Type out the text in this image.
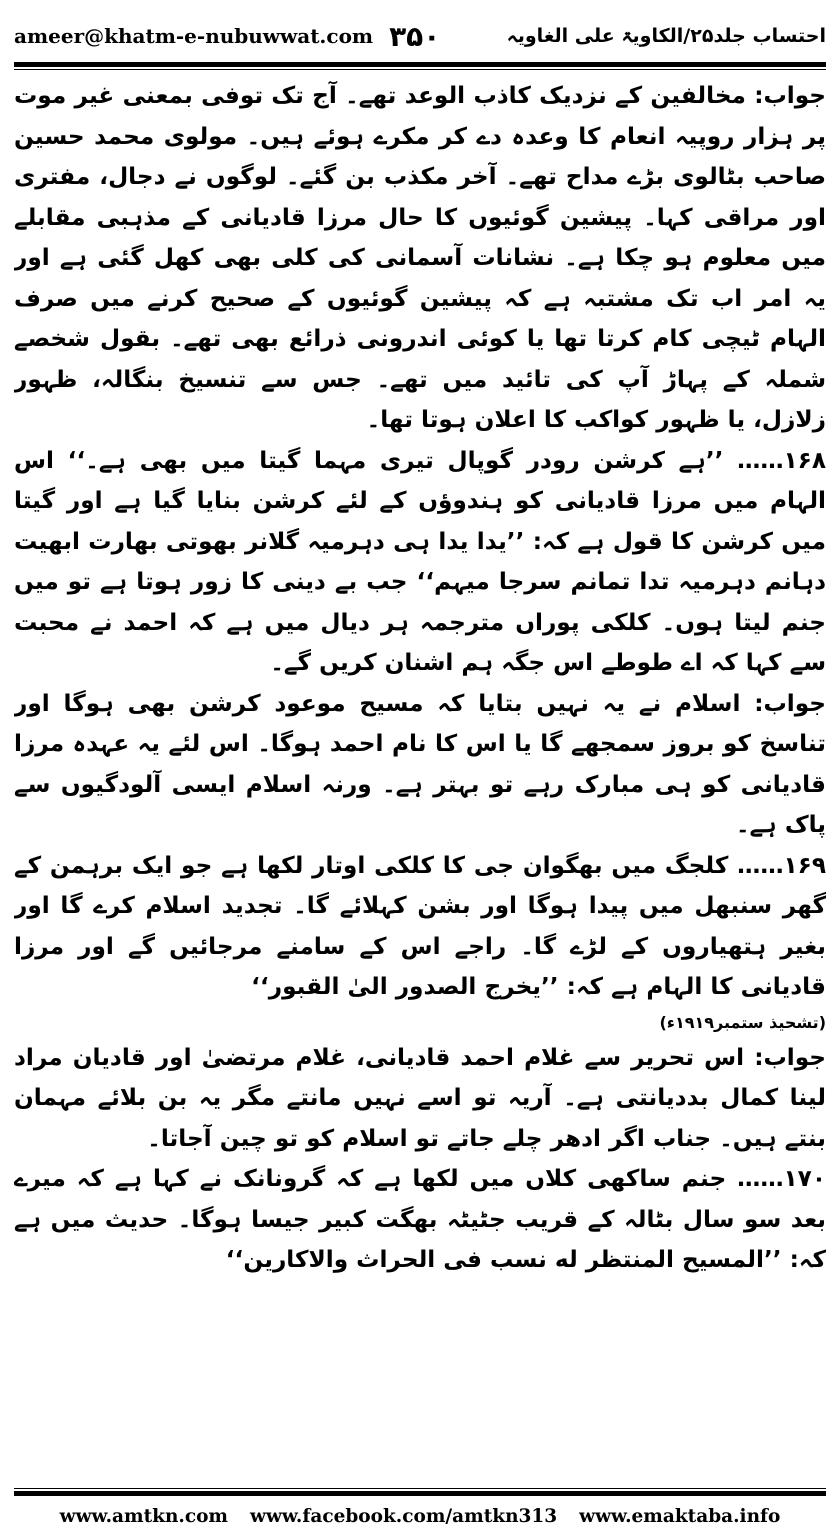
ameer@khatm-e-nubuwwat.com ۳۵۰	احتساب جلد۲۵/الکاویۃ علی الغاویہ

جواب: مخالفین کے نزدیک کاذب الوعد تھے۔ آج تک توفی بمعنی غیر موت پر ہزار روپیہ انعام کا وعدہ دے کر مکرے ہوئے ہیں۔ مولوی محمد حسین صاحب بٹالوی بڑے مداح تھے۔ آخر مکذب بن گئے۔ لوگوں نے دجال، مفتری اور مراقی کہا۔ پیشین گوئیوں کا حال مرزا قادیانی کے مذہبی مقابلے میں معلوم ہو چکا ہے۔ نشانات آسمانی کی کلی بھی کھل گئی ہے اور یہ امر اب تک مشتبہ ہے کہ پیشین گوئیوں کے صحیح کرنے میں صرف الہام ٹیچی کام کرتا تھا یا کوئی اندرونی ذرائع بھی تھے۔ بقول شخصے شملہ کے پہاڑ آپ کی تائید میں تھے۔ جس سے تنسیخ بنگالہ، ظہور زلازل، یا ظہور کواکب کا اعلان ہوتا تھا۔

۱۶۸…… ’’ہے کرشن رودر گوپال تیری مہما گیتا میں بھی ہے۔‘‘ اس الہام میں مرزا قادیانی کو ہندوؤں کے لئے کرشن بنایا گیا ہے اور گیتا میں کرشن کا قول ہے کہ: ’’یدا یدا ہی دہرمیہ گلانر بھوتی بھارت ابھیت دہانم دہرمیہ تدا تمانم سرجا میہم‘‘ جب بے دینی کا زور ہوتا ہے تو میں جنم لیتا ہوں۔ کلکی پوراں مترجمہ ہر دیال میں ہے کہ احمد نے محبت سے کہا کہ اے طوطے اس جگہ ہم اشنان کریں گے۔

جواب: اسلام نے یہ نہیں بتایا کہ مسیح موعود کرشن بھی ہوگا اور تناسخ کو بروز سمجھے گا یا اس کا نام احمد ہوگا۔ اس لئے یہ عہدہ مرزا قادیانی کو ہی مبارک رہے تو بہتر ہے۔ ورنہ اسلام ایسی آلودگیوں سے پاک ہے۔

۱۶۹…… کلجگ میں بھگوان جی کا کلکی اوتار لکھا ہے جو ایک برہمن کے گھر سنبھل میں پیدا ہوگا اور بشن کہلائے گا۔ تجدید اسلام کرے گا اور بغیر ہتھیاروں کے لڑے گا۔ راجے اس کے سامنے مرجائیں گے اور مرزا قادیانی کا الہام ہے کہ: ’’یخرج الصدور الیٰ القبور‘‘

(تشحیذ ستمبر۱۹۱۹ء)

جواب: اس تحریر سے غلام احمد قادیانی، غلام مرتضیٰ اور قادیان مراد لینا کمال بددیانتی ہے۔ آریہ تو اسے نہیں مانتے مگر یہ بن بلائے مہمان بنتے ہیں۔ جناب اگر ادھر چلے جاتے تو اسلام کو تو چین آجاتا۔

۱۷۰…… جنم ساکھی کلاں میں لکھا ہے کہ گرونانک نے کہا ہے کہ میرے بعد سو سال بٹالہ کے قریب جٹیٹہ بھگت کبیر جیسا ہوگا۔ حدیث میں ہے کہ: ’’المسیح المنتظر له نسب فی الحراث والاکارین‘‘

www.amtkn.com www.facebook.com/amtkn313 www.emaktaba.info
